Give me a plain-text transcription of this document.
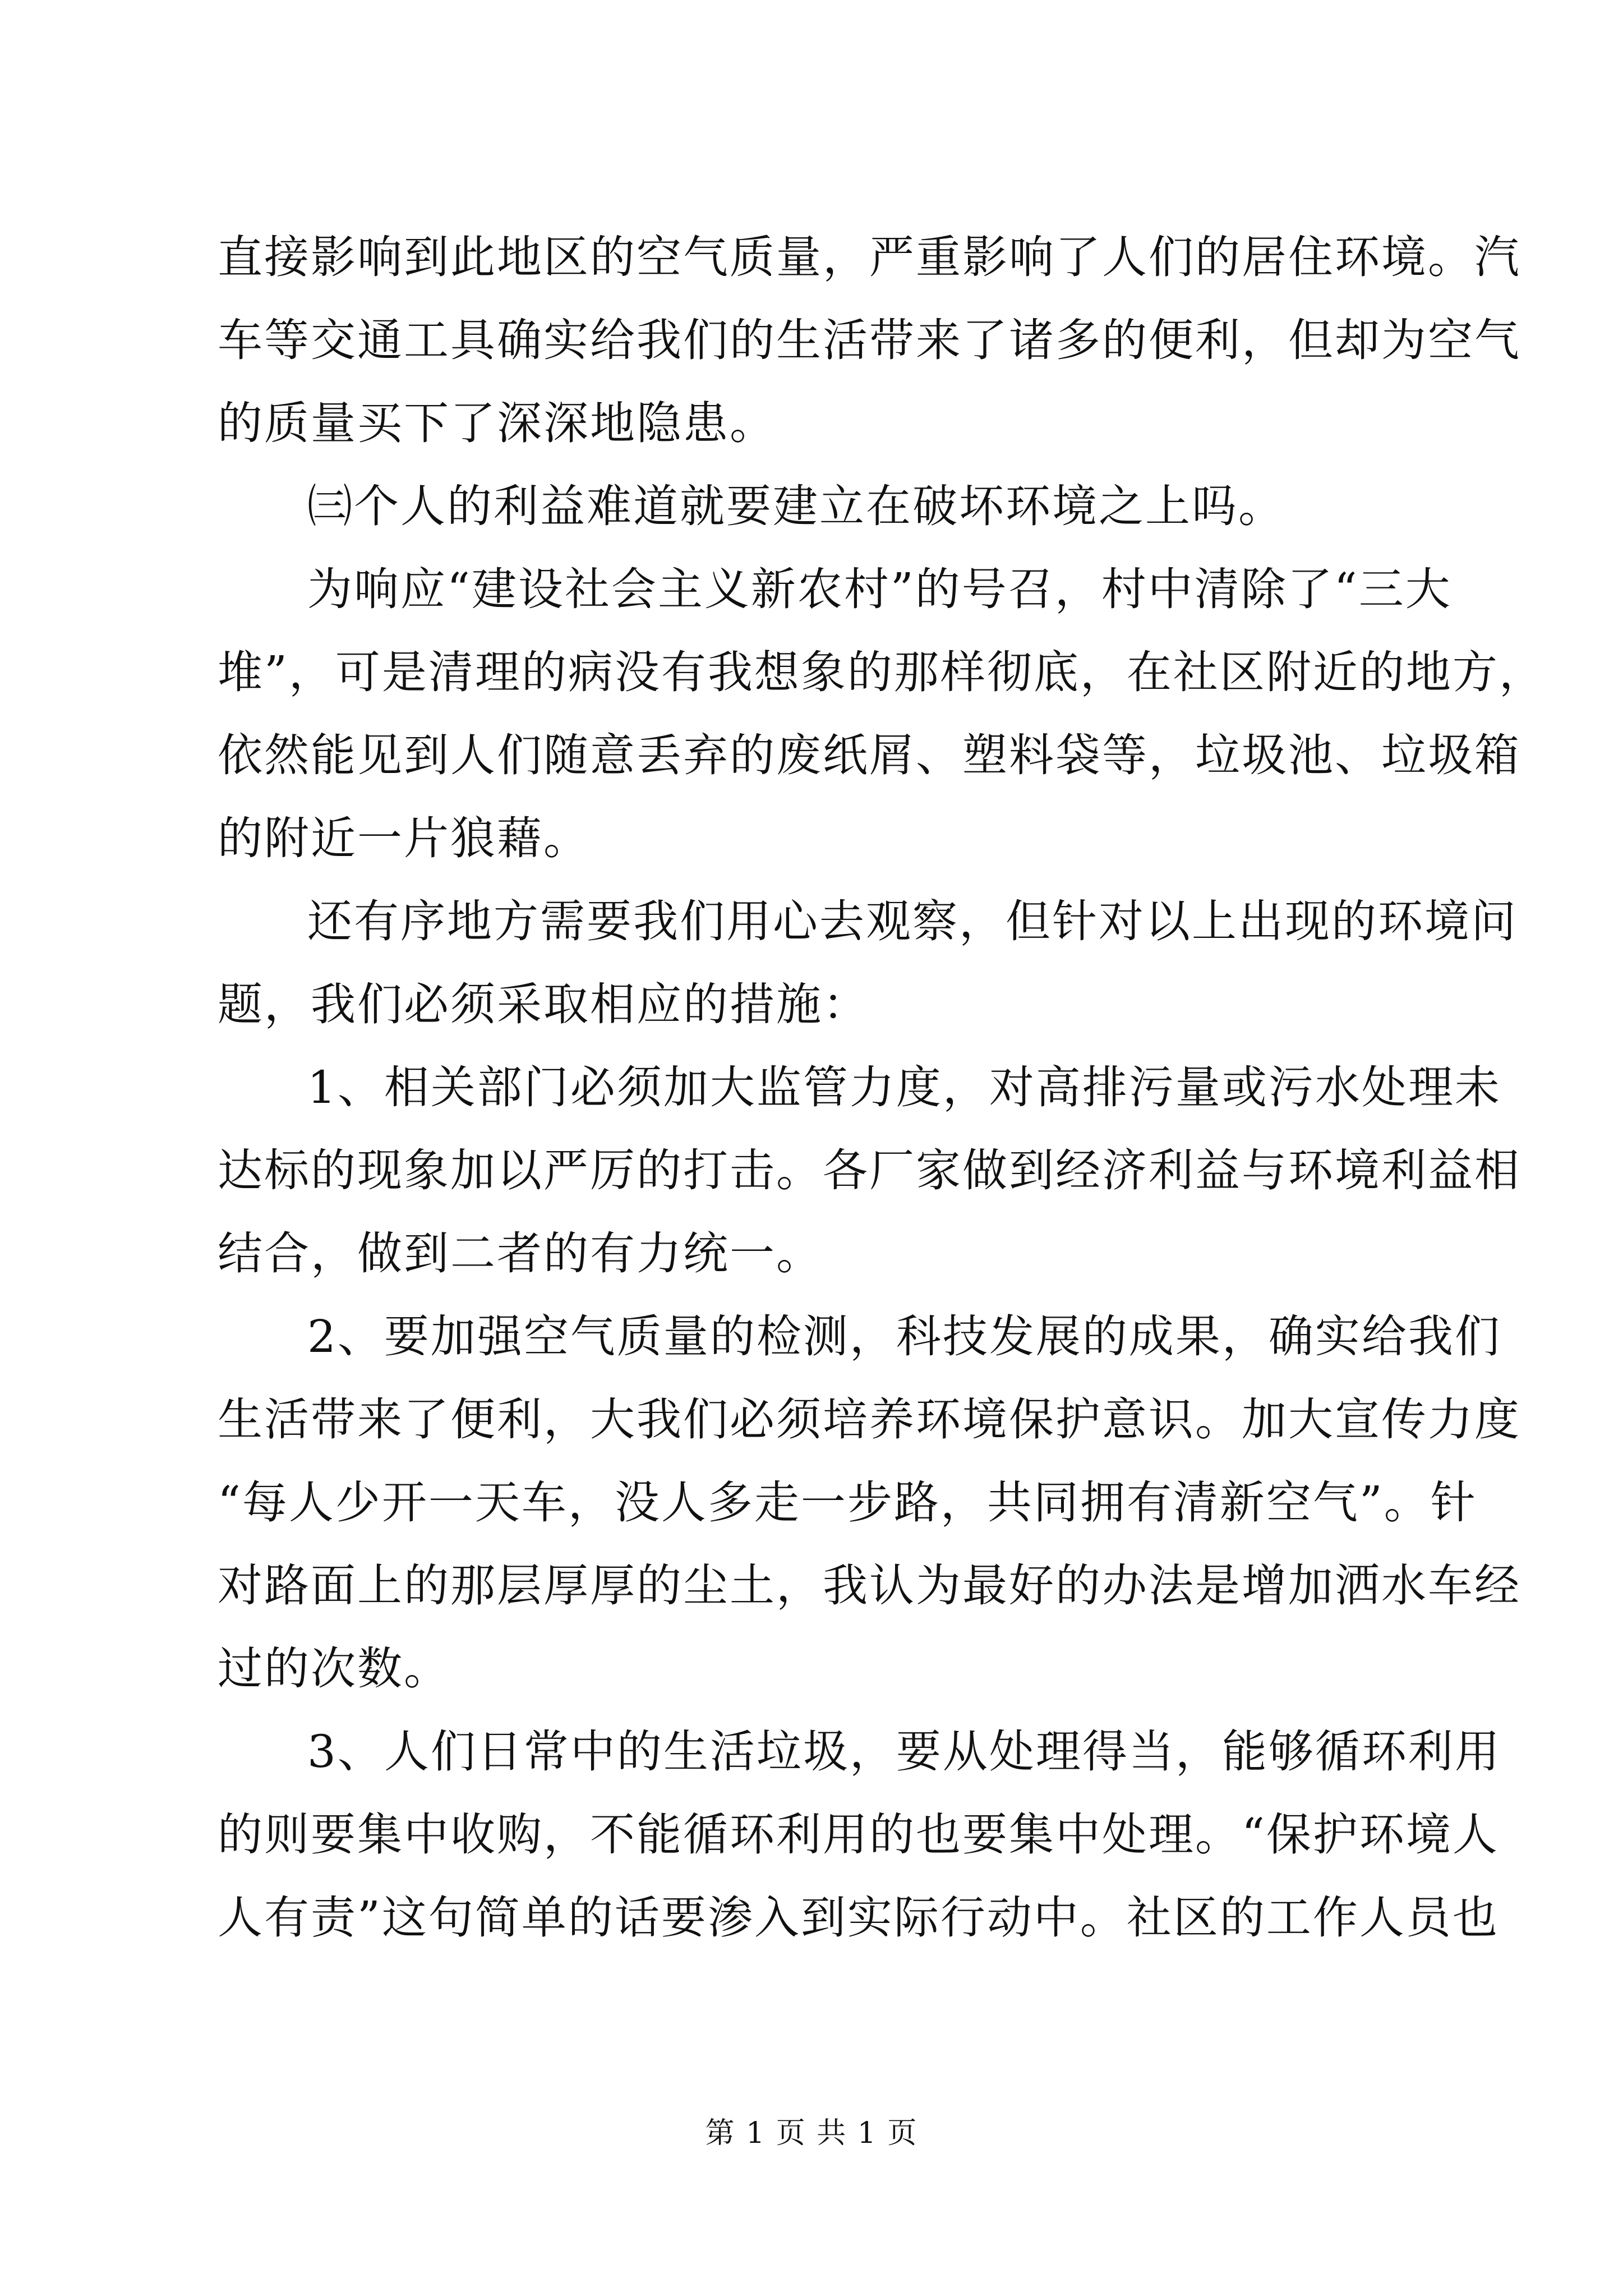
直接影响到此地区的空气质量，严重影响了人们的居住环境。汽
车等交通工具确实给我们的生活带来了诸多的便利，但却为空气
的质量买下了深深地隐患。

㈢个人的利益难道就要建立在破坏环境之上吗。

为响应“建设社会主义新农村”的号召，村中清除了“三大
堆”，可是清理的病没有我想象的那样彻底，在社区附近的地方，
依然能见到人们随意丢弃的废纸屑、塑料袋等，垃圾池、垃圾箱
的附近一片狼藉。

还有序地方需要我们用心去观察，但针对以上出现的环境问
题，我们必须采取相应的措施：

1、相关部门必须加大监管力度，对高排污量或污水处理未
达标的现象加以严厉的打击。各厂家做到经济利益与环境利益相
结合，做到二者的有力统一。

2、要加强空气质量的检测，科技发展的成果，确实给我们
生活带来了便利，大我们必须培养环境保护意识。加大宣传力度
“每人少开一天车，没人多走一步路，共同拥有清新空气”。针
对路面上的那层厚厚的尘土，我认为最好的办法是增加洒水车经
过的次数。

3、人们日常中的生活垃圾，要从处理得当，能够循环利用
的则要集中收购，不能循环利用的也要集中处理。“保护环境人
人有责”这句简单的话要渗入到实际行动中。社区的工作人员也

第 1 页 共 1 页
